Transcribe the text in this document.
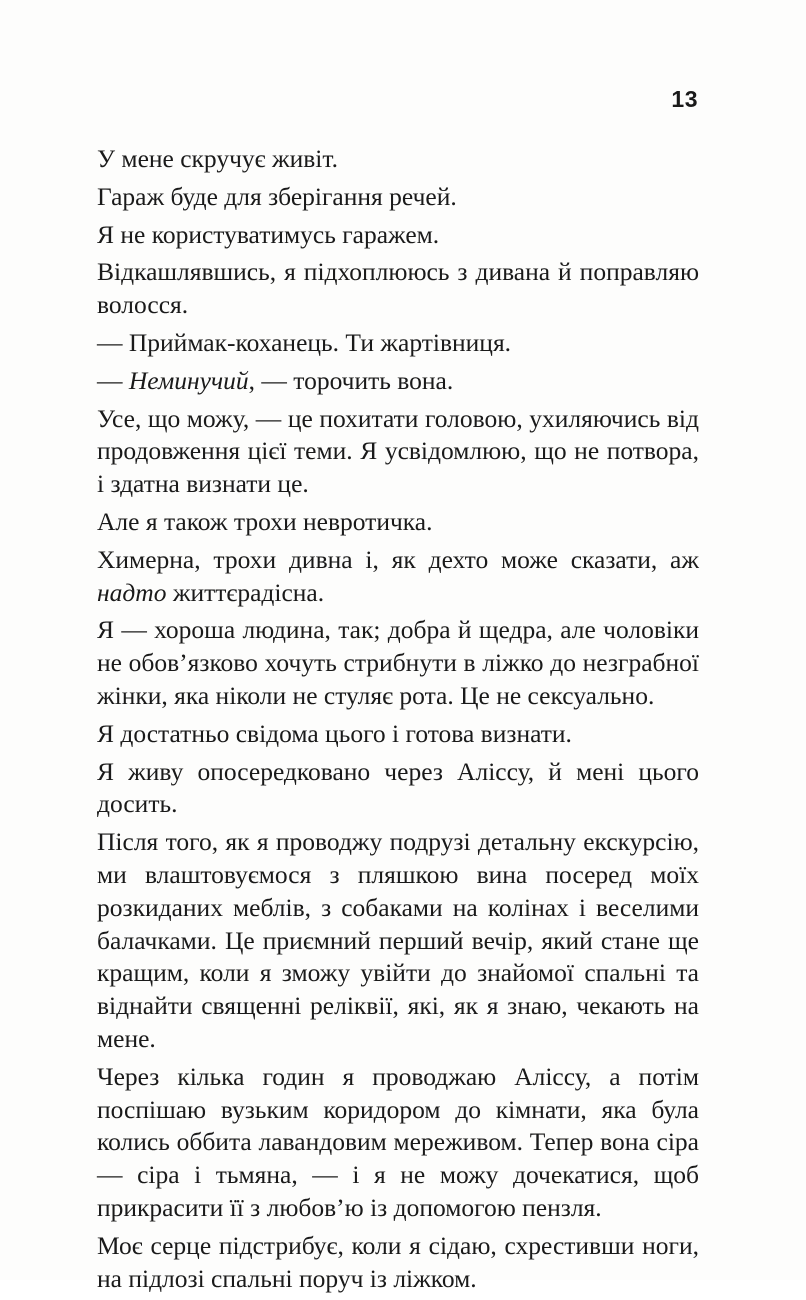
13

У мене скручує живіт.

Гараж буде для зберігання речей.

Я не користуватимусь гаражем.

Відкашлявшись, я підхоплююсь з дивана й поправляю волосся.

— Приймак-коханець. Ти жартівниця.

— Неминучий, — торочить вона.

Усе, що можу, — це похитати головою, ухиляючись від продовження цієї теми. Я усвідомлюю, що не потвора, і здатна визнати це.

Але я також трохи невротичка.

Химерна, трохи дивна і, як дехто може сказати, аж надто життєрадісна.

Я — хороша людина, так; добра й щедра, але чоловіки не обов’язково хочуть стрибнути в ліжко до незграбної жінки, яка ніколи не стуляє рота. Це не сексуально.

Я достатньо свідома цього і готова визнати.

Я живу опосередковано через Аліссу, й мені цього досить.

Після того, як я проводжу подрузі детальну екскурсію, ми влаштовуємося з пляшкою вина посеред моїх розкиданих меблів, з собаками на колінах і веселими балачками. Це приємний перший вечір, який стане ще кращим, коли я зможу увійти до знайомої спальні та віднайти священні реліквії, які, як я знаю, чекають на мене.

Через кілька годин я проводжаю Аліссу, а потім поспішаю вузьким коридором до кімнати, яка була колись оббита лавандовим мереживом. Тепер вона сіра — сіра і тьмяна, — і я не можу дочекатися, щоб прикрасити її з любов’ю із допомогою пензля.

Моє серце підстрибує, коли я сідаю, схрестивши ноги, на підлозі спальні поруч із ліжком.
